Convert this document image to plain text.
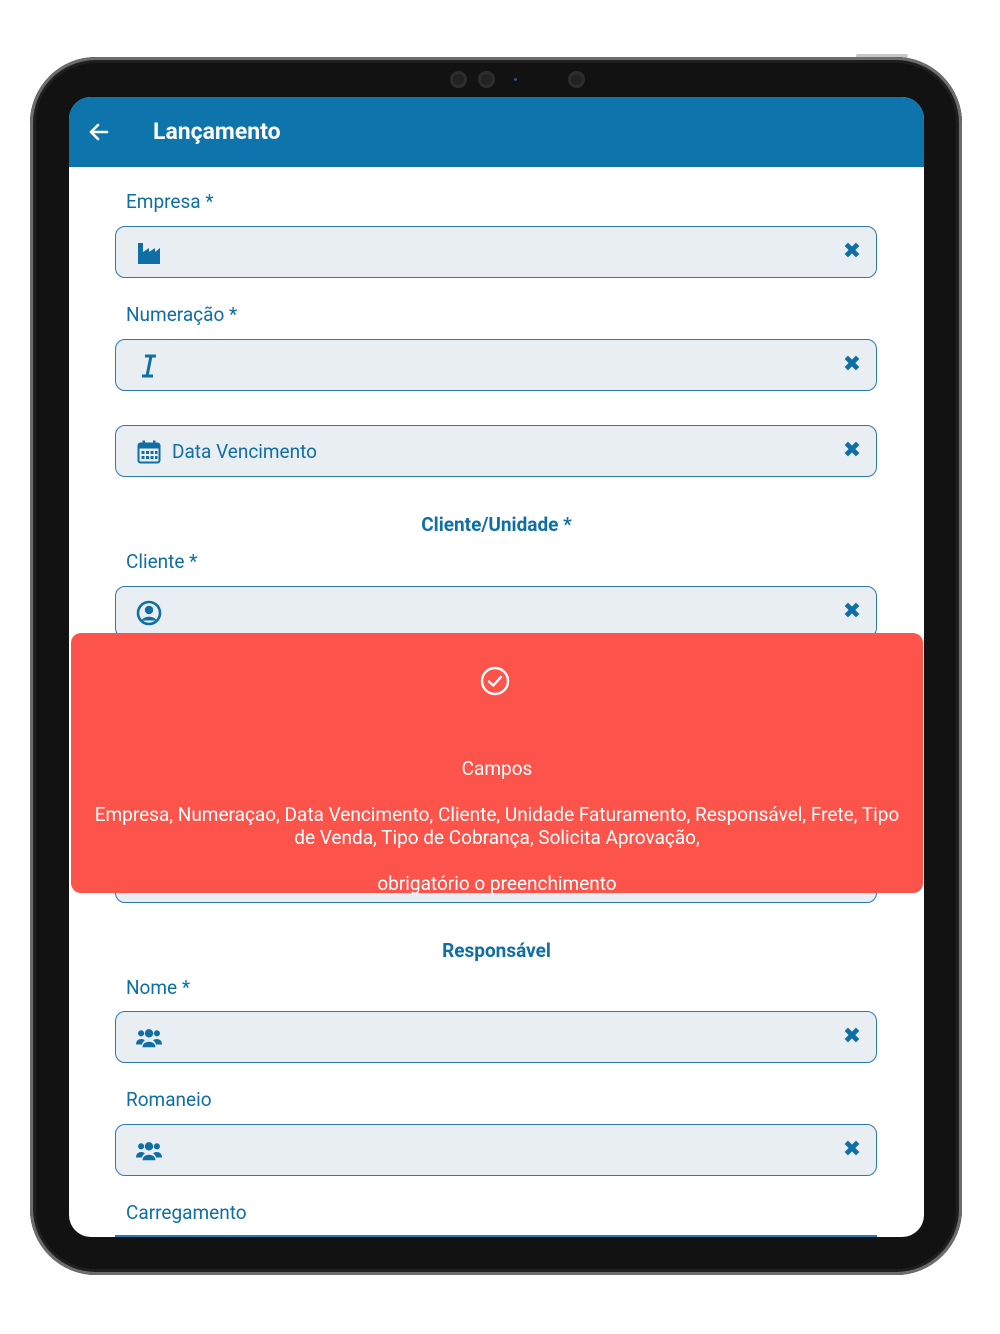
Lançamento
Empresa *
✖
Numeração *
✖
Data Vencimento	✖
Cliente/Unidade *
Cliente *
✖
Campos
Empresa, Numeraçao, Data Vencimento, Cliente, Unidade Faturamento, Responsável, Frete, Tipo
de Venda, Tipo de Cobrança, Solicita Aprovação,
obrigatório o preenchimento
Responsável
Nome *
✖
Romaneio
✖
Carregamento
